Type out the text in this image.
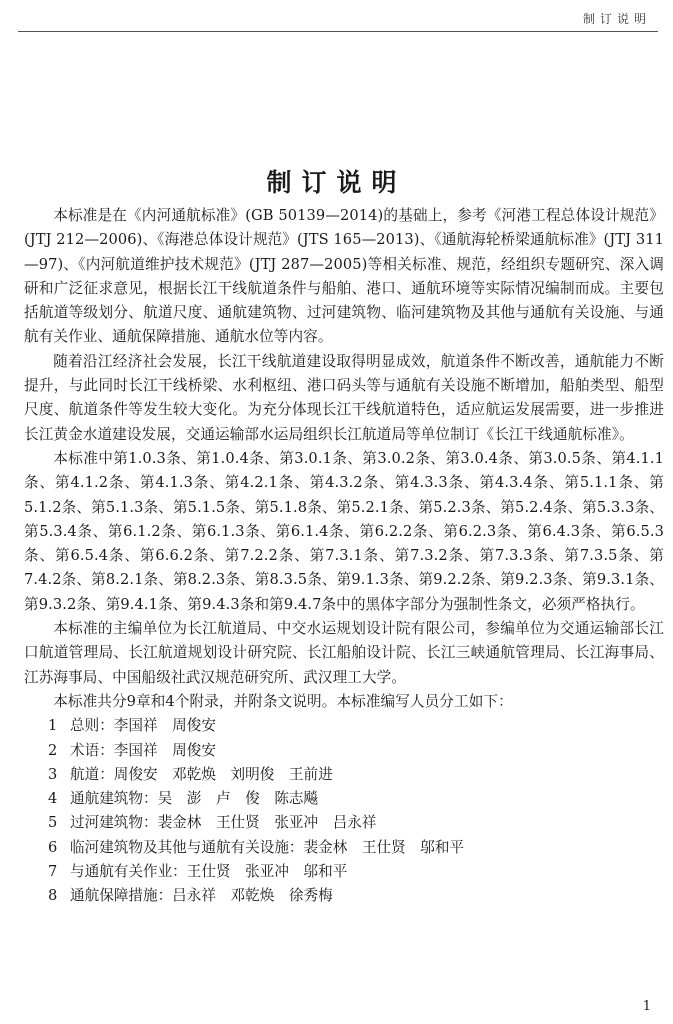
制订说明
制订说明

本标准是在《内河通航标准》(GB 50139—2014)的基础上，参考《河港工程总体设计规范》(JTJ 212—2006)、《海港总体设计规范》(JTS 165—2013)、《通航海轮桥梁通航标准》(JTJ 311—97)、《内河航道维护技术规范》(JTJ 287—2005)等相关标准、规范，经组织专题研究、深入调研和广泛征求意见，根据长江干线航道条件与船舶、港口、通航环境等实际情况编制而成。主要包括航道等级划分、航道尺度、通航建筑物、过河建筑物、临河建筑物及其他与通航有关设施、与通航有关作业、通航保障措施、通航水位等内容。

随着沿江经济社会发展，长江干线航道建设取得明显成效，航道条件不断改善，通航能力不断提升，与此同时长江干线桥梁、水利枢纽、港口码头等与通航有关设施不断增加，船舶类型、船型尺度、航道条件等发生较大变化。为充分体现长江干线航道特色，适应航运发展需要，进一步推进长江黄金水道建设发展，交通运输部水运局组织长江航道局等单位制订《长江干线通航标准》。

本标准中第1.0.3条、第1.0.4条、第3.0.1条、第3.0.2条、第3.0.4条、第3.0.5条、第4.1.1条、第4.1.2条、第4.1.3条、第4.2.1条、第4.3.2条、第4.3.3条、第4.3.4条、第5.1.1条、第5.1.2条、第5.1.3条、第5.1.5条、第5.1.8条、第5.2.1条、第5.2.3条、第5.2.4条、第5.3.3条、第5.3.4条、第6.1.2条、第6.1.3条、第6.1.4条、第6.2.2条、第6.2.3条、第6.4.3条、第6.5.3条、第6.5.4条、第6.6.2条、第7.2.2条、第7.3.1条、第7.3.2条、第7.3.3条、第7.3.5条、第7.4.2条、第8.2.1条、第8.2.3条、第8.3.5条、第9.1.3条、第9.2.2条、第9.2.3条、第9.3.1条、第9.3.2条、第9.4.1条、第9.4.3条和第9.4.7条中的黑体字部分为强制性条文，必须严格执行。

本标准的主编单位为长江航道局、中交水运规划设计院有限公司，参编单位为交通运输部长江口航道管理局、长江航道规划设计研究院、长江船舶设计院、长江三峡通航管理局、长江海事局、江苏海事局、中国船级社武汉规范研究所、武汉理工大学。

本标准共分9章和4个附录，并附条文说明。本标准编写人员分工如下：

1 总则：李国祥　周俊安
2 术语：李国祥　周俊安
3 航道：周俊安　邓乾焕　刘明俊　王前进
4 通航建筑物：吴　澎　卢　俊　陈志飚
5 过河建筑物：裴金林　王仕贤　张亚冲　吕永祥
6 临河建筑物及其他与通航有关设施：裴金林　王仕贤　邬和平
7 与通航有关作业：王仕贤　张亚冲　邬和平
8 通航保障措施：吕永祥　邓乾焕　徐秀梅
1
